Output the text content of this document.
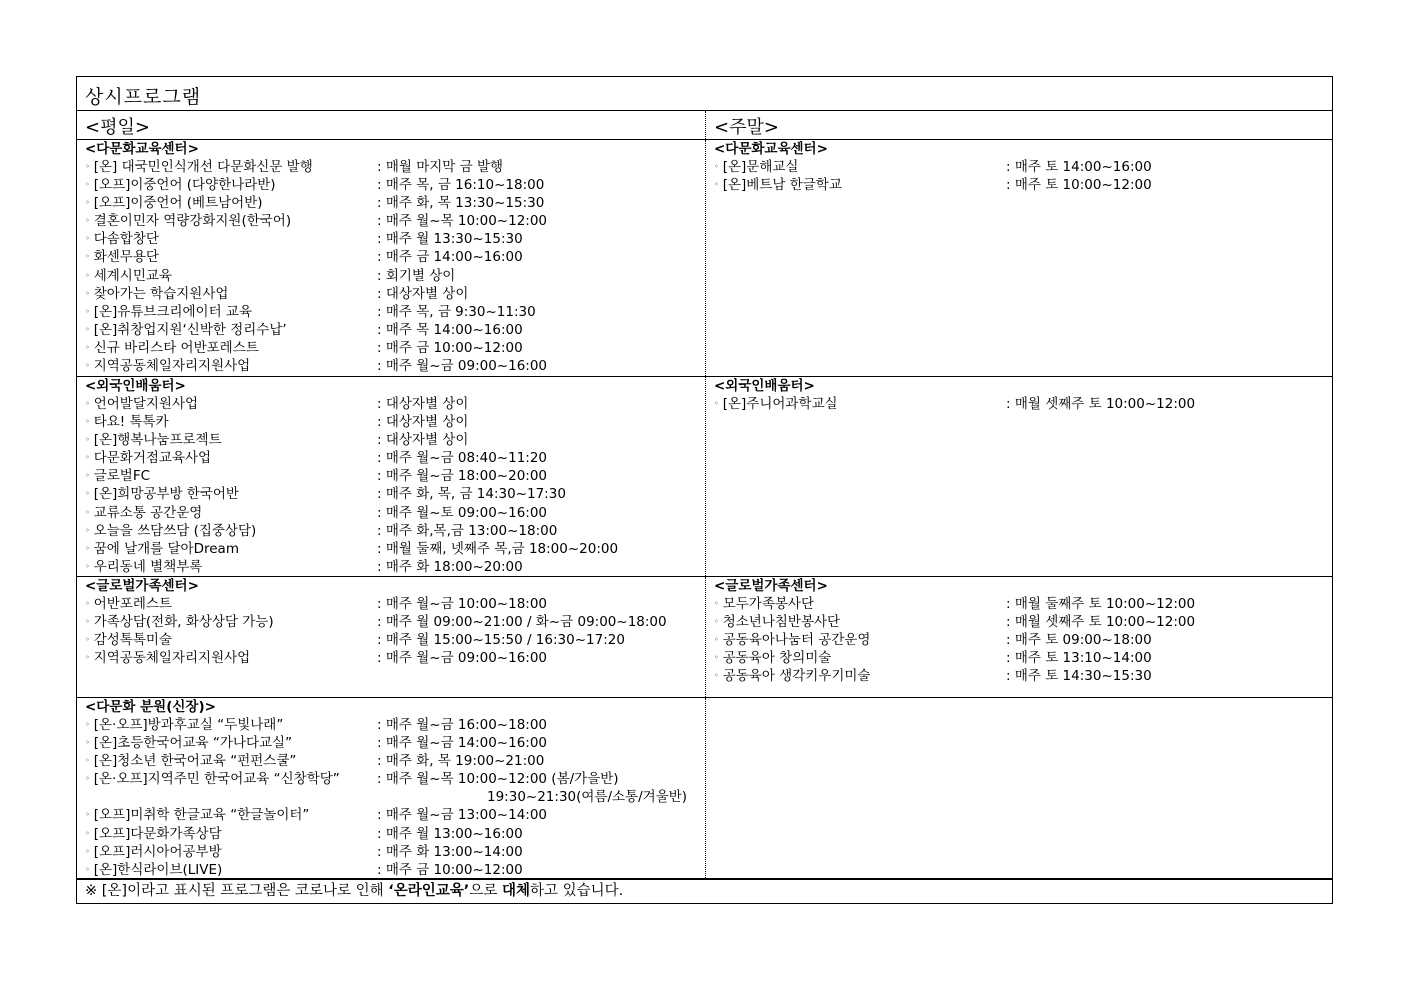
상시프로그램
<평일>	<주말>
<다문화교육센터>
◦ [온] 대국민인식개선 다문화신문 발행	: 매월 마지막 금 발행
◦ [오프]이중언어 (다양한나라반)	: 매주 목, 금 16:10~18:00
◦ [오프]이중언어 (베트남어반)	: 매주 화, 목 13:30~15:30
◦ 결혼이민자 역량강화지원(한국어)	: 매주 월~목 10:00~12:00
◦ 다솜합창단	: 매주 월 13:30~15:30
◦ 화센무용단	: 매주 금 14:00~16:00
◦ 세계시민교육	: 회기별 상이
◦ 찾아가는 학습지원사업	: 대상자별 상이
◦ [온]유튜브크리에이터 교육	: 매주 목, 금 9:30~11:30
◦ [온]취창업지원‘신박한 정리수납’	: 매주 목 14:00~16:00
◦ 신규 바리스타 어반포레스트	: 매주 금 10:00~12:00
◦ 지역공동체일자리지원사업	: 매주 월~금 09:00~16:00
<다문화교육센터>
◦ [온]문해교실	: 매주 토 14:00~16:00
◦ [온]베트남 한글학교	: 매주 토 10:00~12:00
<외국인배움터>
◦ 언어발달지원사업	: 대상자별 상이
◦ 타요! 톡톡카	: 대상자별 상이
◦ [온]행복나눔프로젝트	: 대상자별 상이
◦ 다문화거점교육사업	: 매주 월~금 08:40~11:20
◦ 글로벌FC	: 매주 월~금 18:00~20:00
◦ [온]희망공부방 한국어반	: 매주 화, 목, 금 14:30~17:30
◦ 교류소통 공간운영	: 매주 월~토 09:00~16:00
◦ 오늘을 쓰담쓰담 (집중상담)	: 매주 화,목,금 13:00~18:00
◦ 꿈에 날개를 달아Dream	: 매월 둘째, 넷째주 목,금 18:00~20:00
◦ 우리동네 별책부록	: 매주 화 18:00~20:00
<외국인배움터>
◦ [온]주니어과학교실	: 매월 셋째주 토 10:00~12:00
<글로벌가족센터>
◦ 어반포레스트	: 매주 월~금 10:00~18:00
◦ 가족상담(전화, 화상상담 가능)	: 매주 월 09:00~21:00 / 화~금 09:00~18:00
◦ 감성톡톡미술	: 매주 월 15:00~15:50 / 16:30~17:20
◦ 지역공동체일자리지원사업	: 매주 월~금 09:00~16:00
<글로벌가족센터>
◦ 모두가족봉사단	: 매월 둘째주 토 10:00~12:00
◦ 청소년나침반봉사단	: 매월 셋째주 토 10:00~12:00
◦ 공동육아나눔터 공간운영	: 매주 토 09:00~18:00
◦ 공동육아 창의미술	: 매주 토 13:10~14:00
◦ 공동육아 생각키우기미술	: 매주 토 14:30~15:30
<다문화 분원(신장)>
◦ [온·오프]방과후교실 “두빛나래”	: 매주 월~금 16:00~18:00
◦ [온]초등한국어교육 “가나다교실”	: 매주 월~금 14:00~16:00
◦ [온]청소년 한국어교육 “펀펀스쿨”	: 매주 화, 목 19:00~21:00
◦ [온·오프]지역주민 한국어교육 “신창학당”	: 매주 월~목 10:00~12:00 (봄/가을반)
19:30~21:30(여름/소통/겨울반)
◦ [오프]미취학 한글교육 “한글놀이터”	: 매주 월~금 13:00~14:00
◦ [오프]다문화가족상담	: 매주 월 13:00~16:00
◦ [오프]러시아어공부방	: 매주 화 13:00~14:00
◦ [온]한식라이브(LIVE)	: 매주 금 10:00~12:00
※ [온]이라고 표시된 프로그램은 코로나로 인해 ‘온라인교육’으로 대체하고 있습니다.
